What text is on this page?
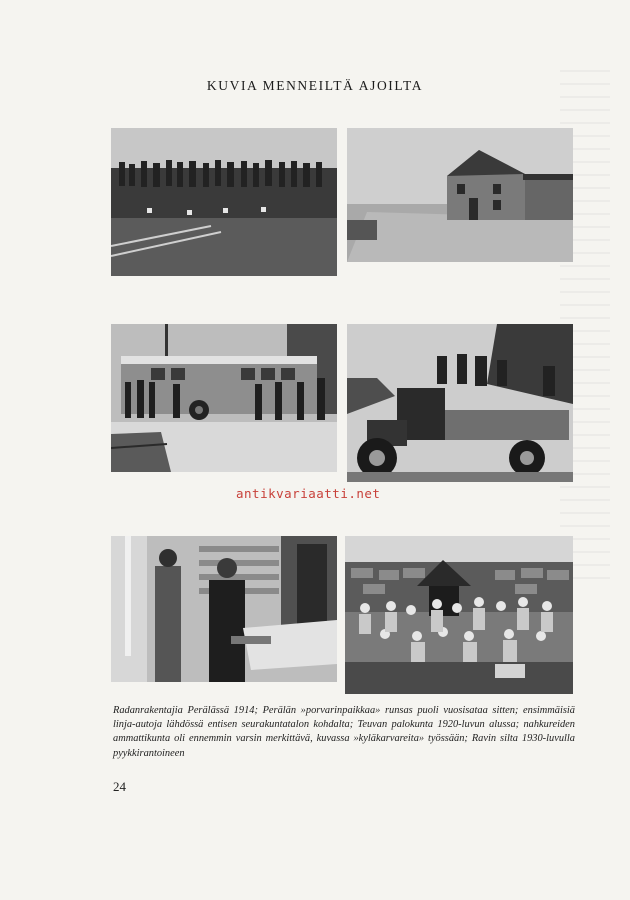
KUVIA MENNEILTÄ AJOILTA
antikvariaatti.net
Radanrakentajia Perälässä 1914; Perälän »porvarinpaikkaa» runsas puoli vuosisataa sitten; ensimmäisiä linja-autoja lähdössä entisen seurakuntatalon kohdalta; Teuvan palokunta 1920-luvun alussa; nahkureiden ammattikunta oli ennemmin varsin merkittävä, kuvassa »kyläkarvareita» työssään; Ravin silta 1930-luvulla pyykkirantoineen
24
